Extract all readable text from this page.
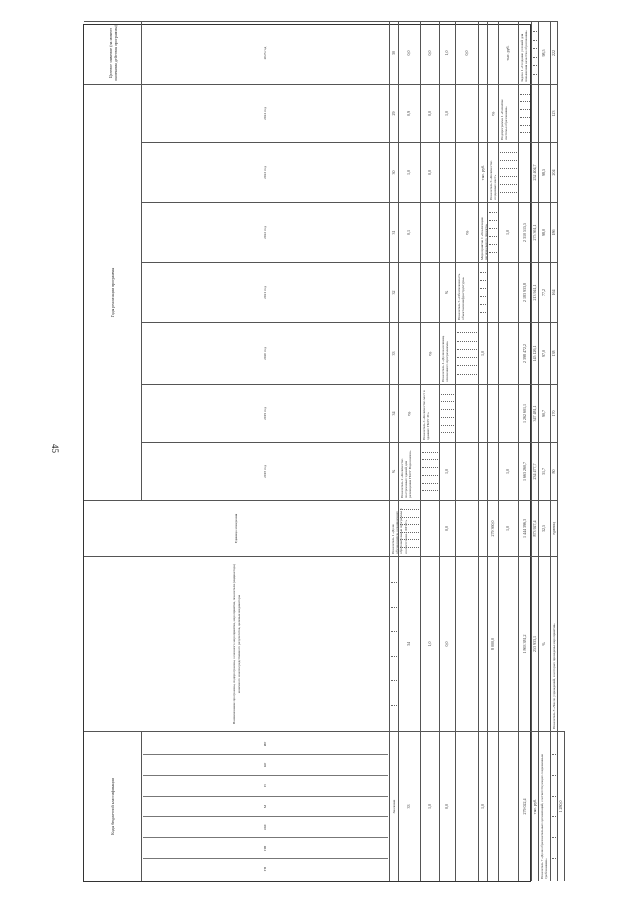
45
Коды бюджетной классификации
Наименование программы, подпрограммы, основного мероприятия, мероприятия, показателя (индикатора) конечного и непосредственного результатов, целевые индикаторы
Единица измерения
Годы реализации программы
Целевое значение (на момент окончания действия программы)
ГП
ПП
ОМ
М
П
КР
ИР
2018 год
2019 год
2020 год
2021 год
2022 год
2023 год
2024 год
2025 год
Значение
Показатель 1 «Доля обучающихся, осваивающих образовательные программы в соответствии с ФГОС»
%
34
33
32
31
30
29
30
33
34
Показатель 2 «Количество построенных зданий для размещения ГБОУ Ворошилов»
ед.
0,1
1,0
0,9
0,0
1,0
1,0
Показатель 3 «Количество мест в зданиях ГБОУ ЗС»
ед.
0,0
0,0
0,0
0,0
0,0
0,0
1,0
Показатель 4 «Доля населения, охваченного программами»
%
1,0
1,0
Показатель 5 «Обеспеченность объектами инфраструктуры»
ед.
0,0
1,0
1,0
Мероприятие 1 «Реализация регионального проекта»
тыс. руб.
8 000,0
279 360,0
Показатель 6 «Количество созданных мест»
ед.
1,0
1,0
1,0
Подпрограмма 1 «Развитие системы образования»
тыс. руб.
279 022,4
1 863 381,2
1 444 396,3
1 663 260,7
1 262 601,1
2 398 472,2
2 183 933,8
2 310 515,5
Задача 1 «Создание условий для повышения качества образования»
тыс. руб.
253 933,1
873 927,4
234 477,7
347 481,1
145 126,1
213 941,1
275 361,1
252 404,7
Показатель 7 «Доля образовательных организаций, соответствующих современным требованиям»
%
32,5
31,7
90,7
97,0
77,2
98,0
98,5
98,5
Показатель 8 «Число учреждений, в которых проведены мероприятия»
единиц
80
170
138
164
186
204
123
222
1 280,0
